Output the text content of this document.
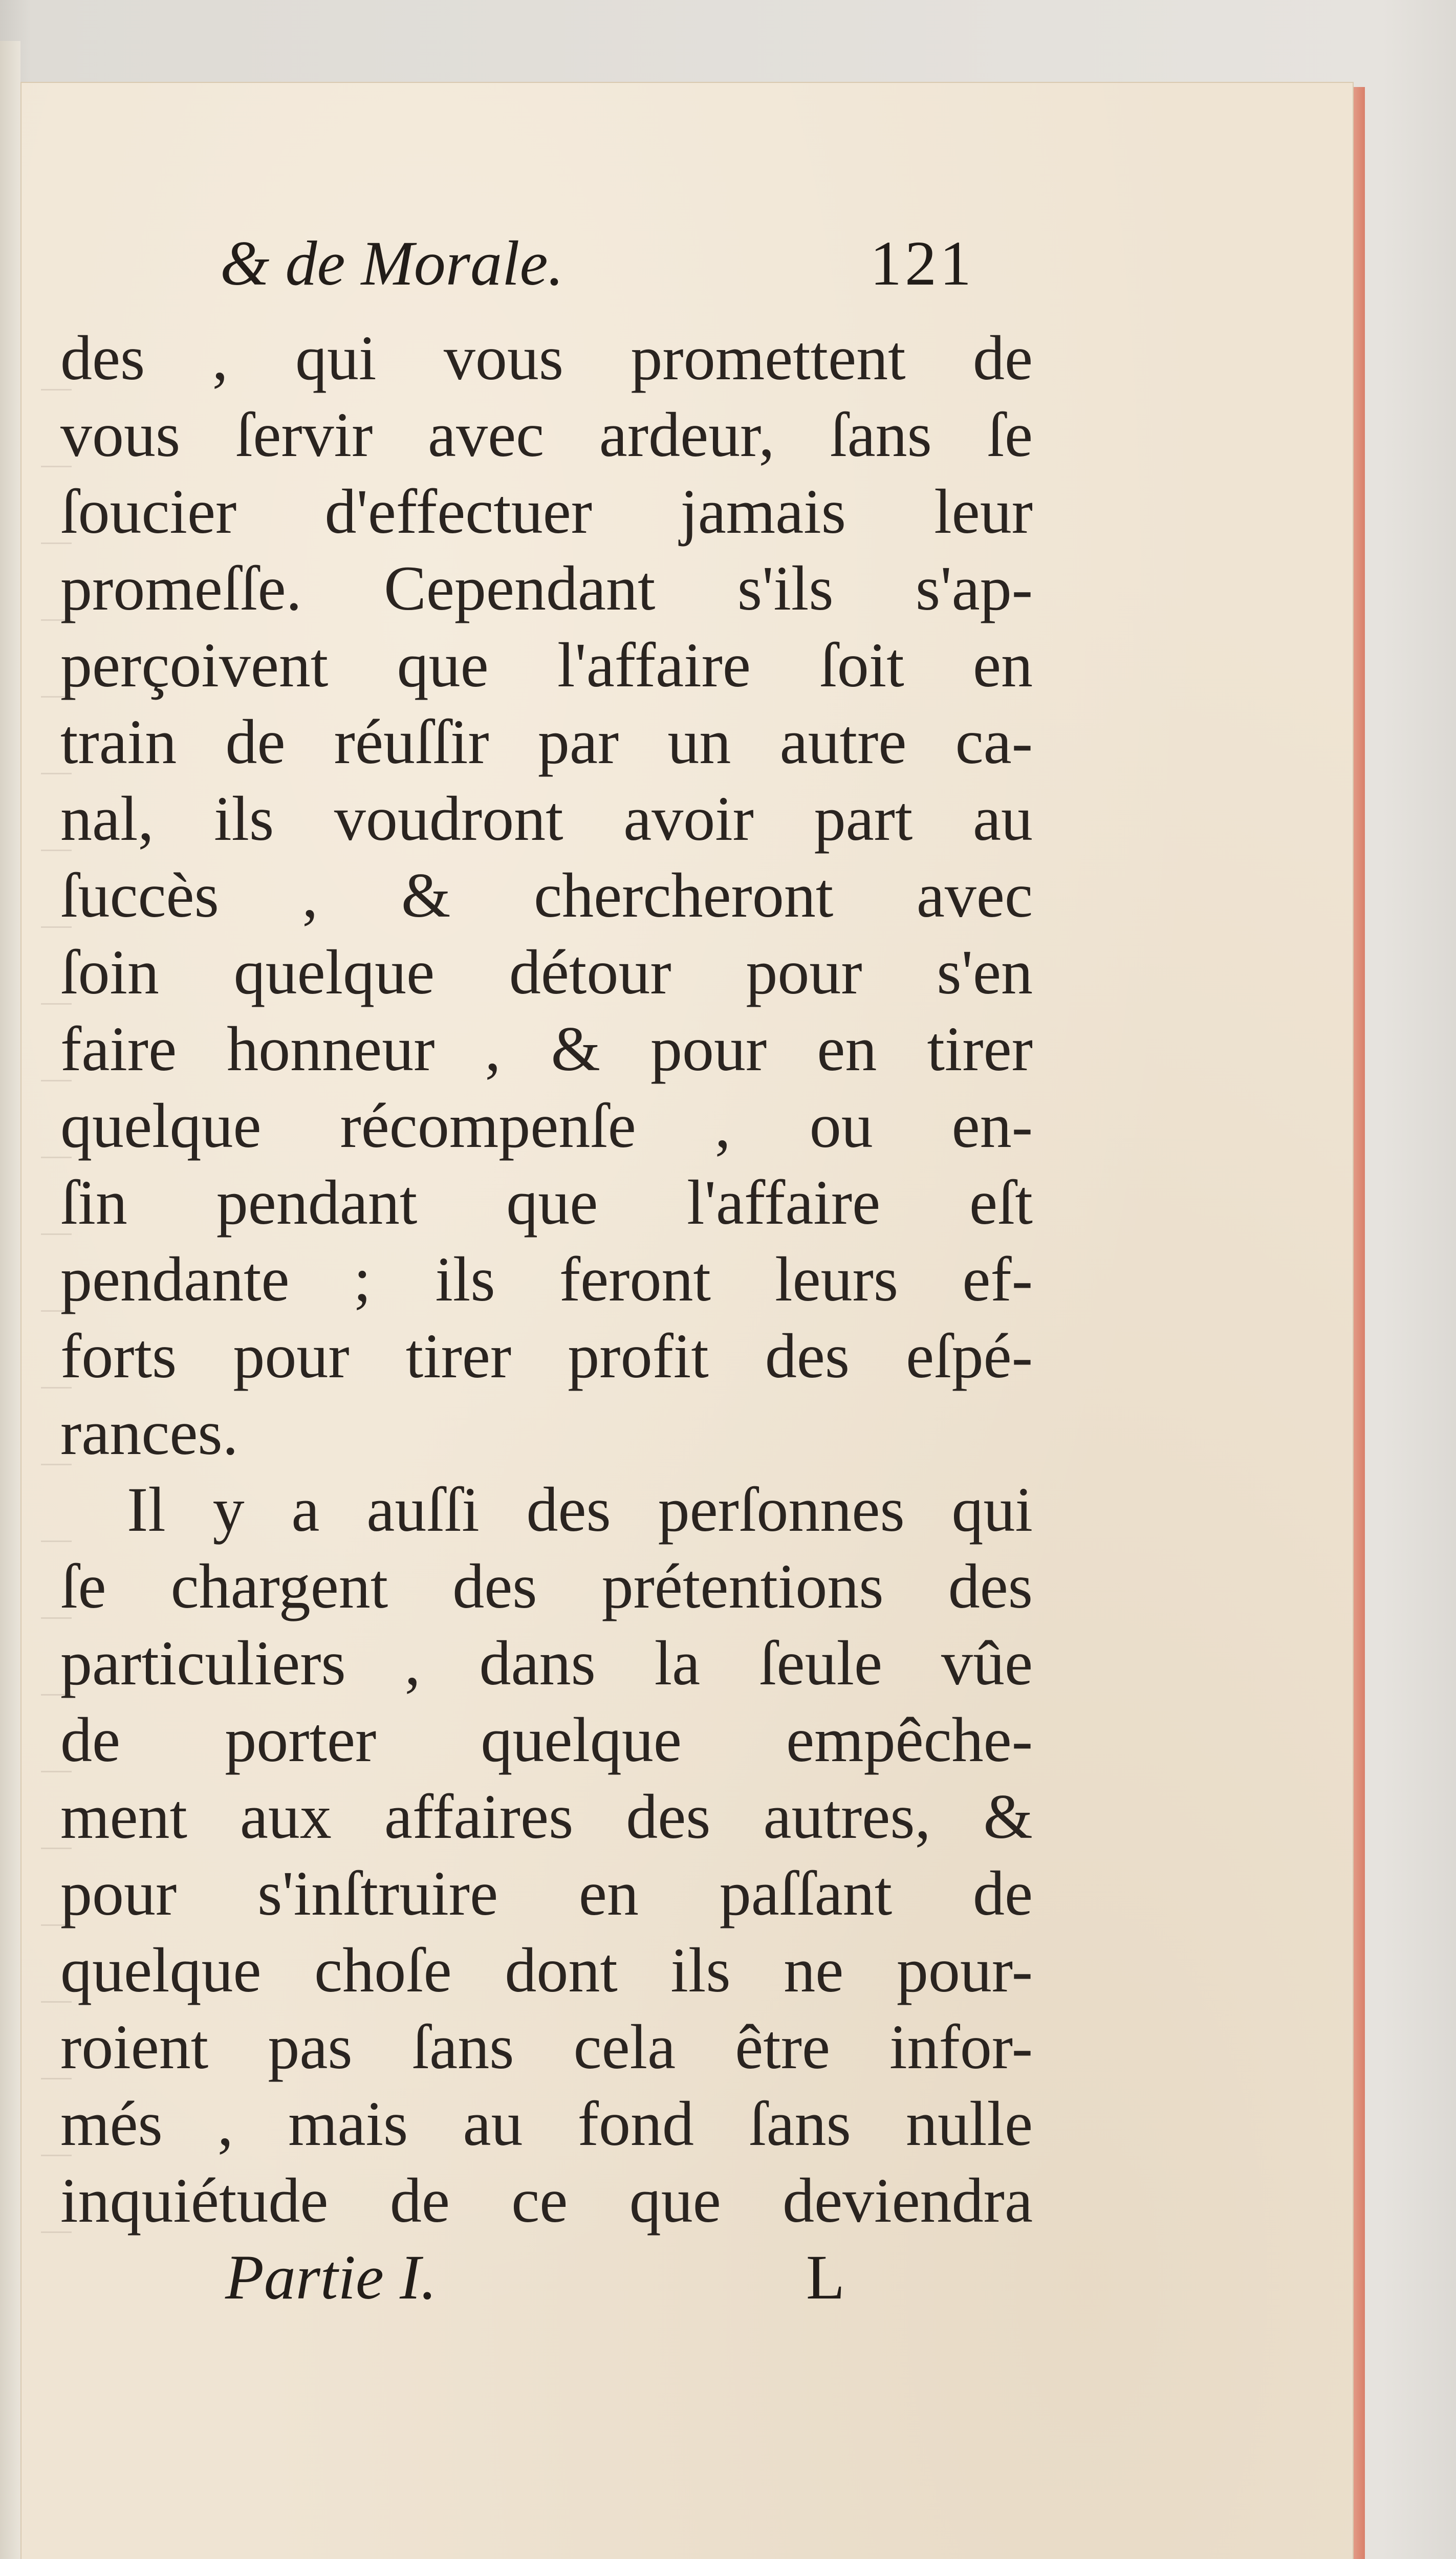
& de Morale.	121
des , qui vous promettent de
vous ſervir avec ardeur, ſans ſe
ſoucier d'effectuer jamais leur
promeſſe. Cependant s'ils s'ap-
perçoivent que l'affaire ſoit en
train de réuſſir par un autre ca-
nal, ils voudront avoir part au
ſuccès , & chercheront avec
ſoin quelque détour pour s'en
faire honneur , & pour en tirer
quelque récompenſe , ou en-
ſin pendant que l'affaire eſt
pendante ; ils feront leurs ef-
forts pour tirer profit des eſpé-
rances.
Il y a auſſi des perſonnes qui
ſe chargent des prétentions des
particuliers , dans la ſeule vûe
de porter quelque empêche-
ment aux affaires des autres, &
pour s'inſtruire en paſſant de
quelque choſe dont ils ne pour-
roient pas ſans cela être infor-
més , mais au fond ſans nulle
inquiétude de ce que deviendra
Partie I.	L
